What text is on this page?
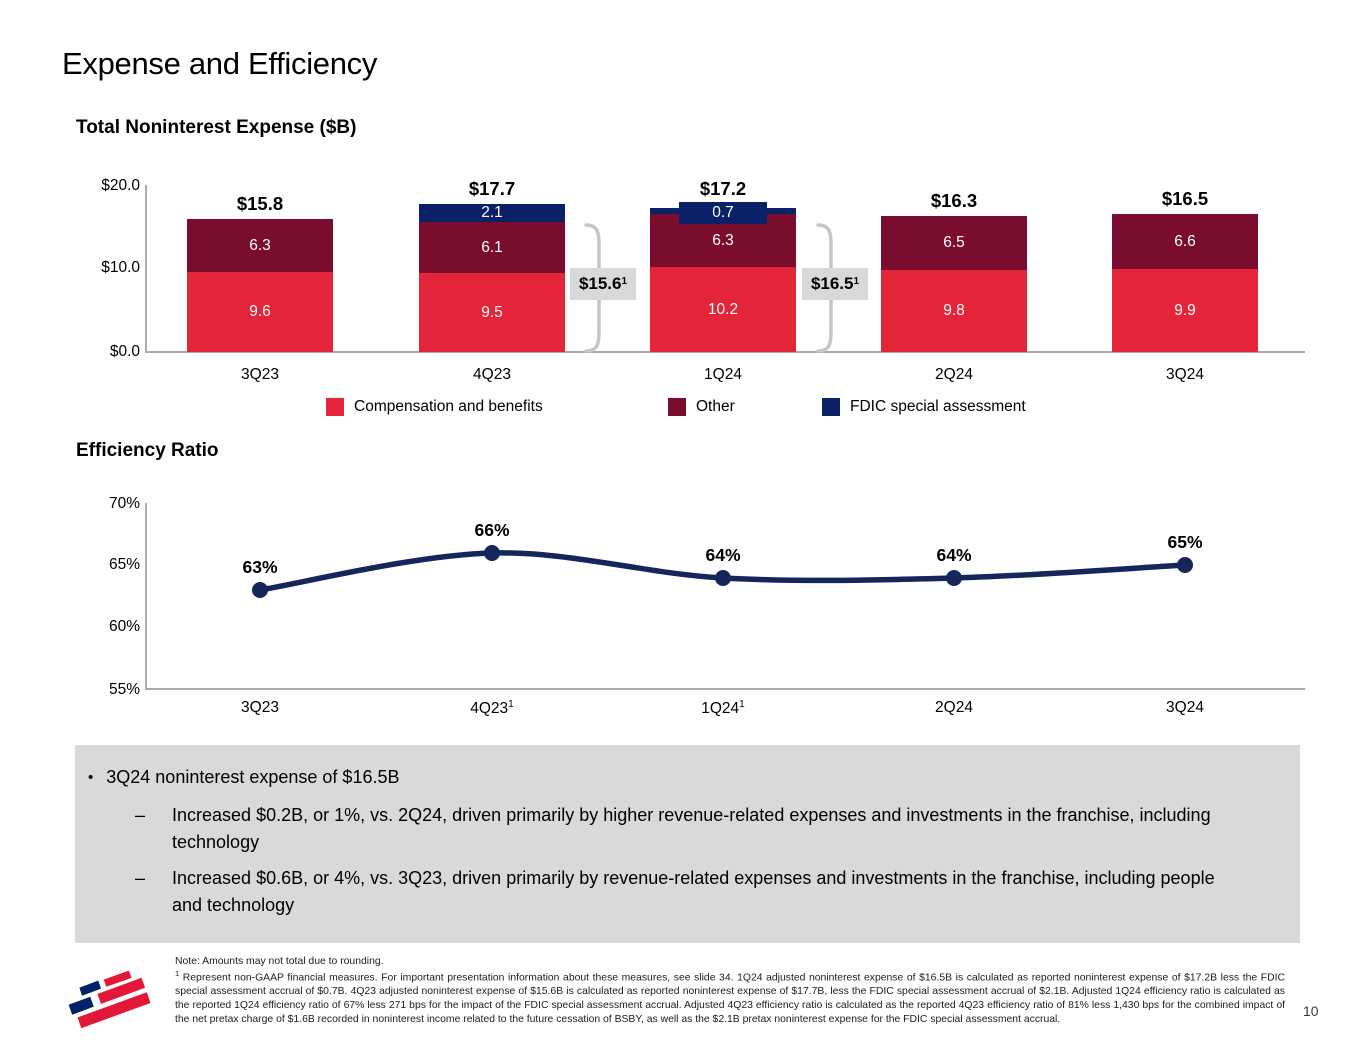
Expense and Efficiency
Total Noninterest Expense ($B)
$20.0
$10.0
$0.0
9.6
6.3
$15.8
3Q23
9.5
6.1
2.1
$17.7
4Q23
10.2
6.3
0.7
$17.2
1Q24
9.8
6.5
$16.3
2Q24
9.9
6.6
$16.5
3Q24
$15.6 1	$16.5 1
Compensation and benefits	Other	FDIC special assessment
Efficiency Ratio
70%
65%
60%
55%
63%
66%
64%	64%
65%
3Q23	$4Q23^1$	$1Q24^1$	2Q24	3Q24
• 3Q24 noninterest expense of $16.5B
– Increased $0.2B, or 1%, vs. 2Q24, driven primarily by higher revenue-related expenses and investments in the franchise, including technology
– Increased $0.6B, or 4%, vs. 3Q23, driven primarily by revenue-related expenses and investments in the franchise, including people and technology
Note: Amounts may not total due to rounding.
$^1$ Represent non-GAAP financial measures. For important presentation information about these measures, see slide 34. 1Q24 adjusted noninterest expense of $16.5B is calculated as reported noninterest expense of $17.2B less the FDIC special assessment accrual of $0.7B. 4Q23 adjusted noninterest expense of $15.6B is calculated as reported noninterest expense of $17.7B, less the FDIC special assessment accrual of $2.1B. Adjusted 1Q24 efficiency ratio is calculated as the reported 1Q24 efficiency ratio of 67% less 271 bps for the impact of the FDIC special assessment accrual. Adjusted 4Q23 efficiency ratio is calculated as the reported 4Q23 efficiency ratio of 81% less 1,430 bps for the combined impact of the net pretax charge of $1.6B recorded in noninterest income related to the future cessation of BSBY, as well as the $2.1B pretax noninterest expense for the FDIC special assessment accrual.
10
